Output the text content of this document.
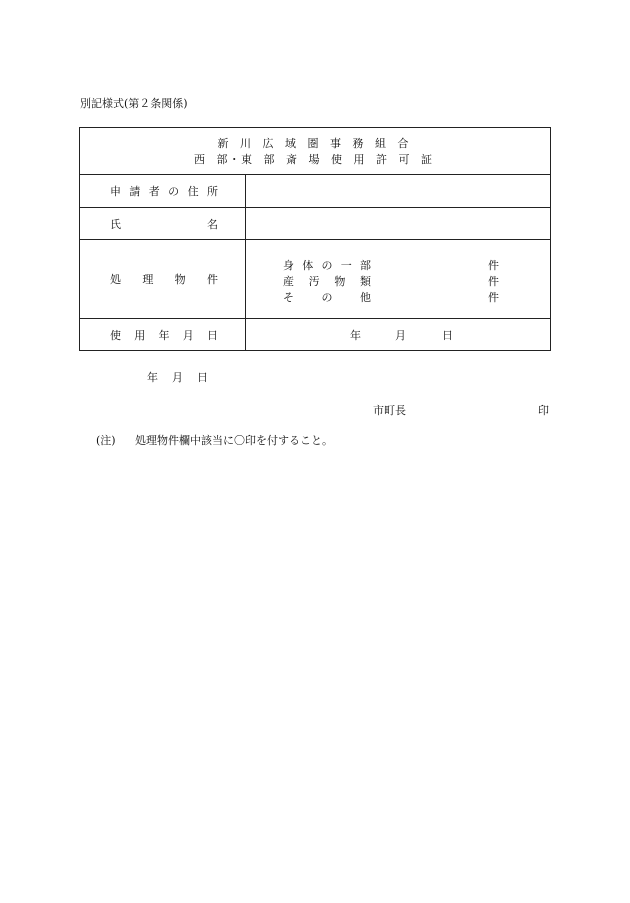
別記様式(第２条関係)
新 川 広 域 圏 事 務 組 合
西 部･東 部 斎 場 使 用 許 可 証
申 請 者 の 住 所
氏	名
処 理 物 件
身 体 の 一 部	件
産 汚 物 類	件
そ	の	他	件
使 用 年 月 日	年	月	日
年 月 日
市町長	印
(注) 処理物件欄中該当に〇印を付すること。
